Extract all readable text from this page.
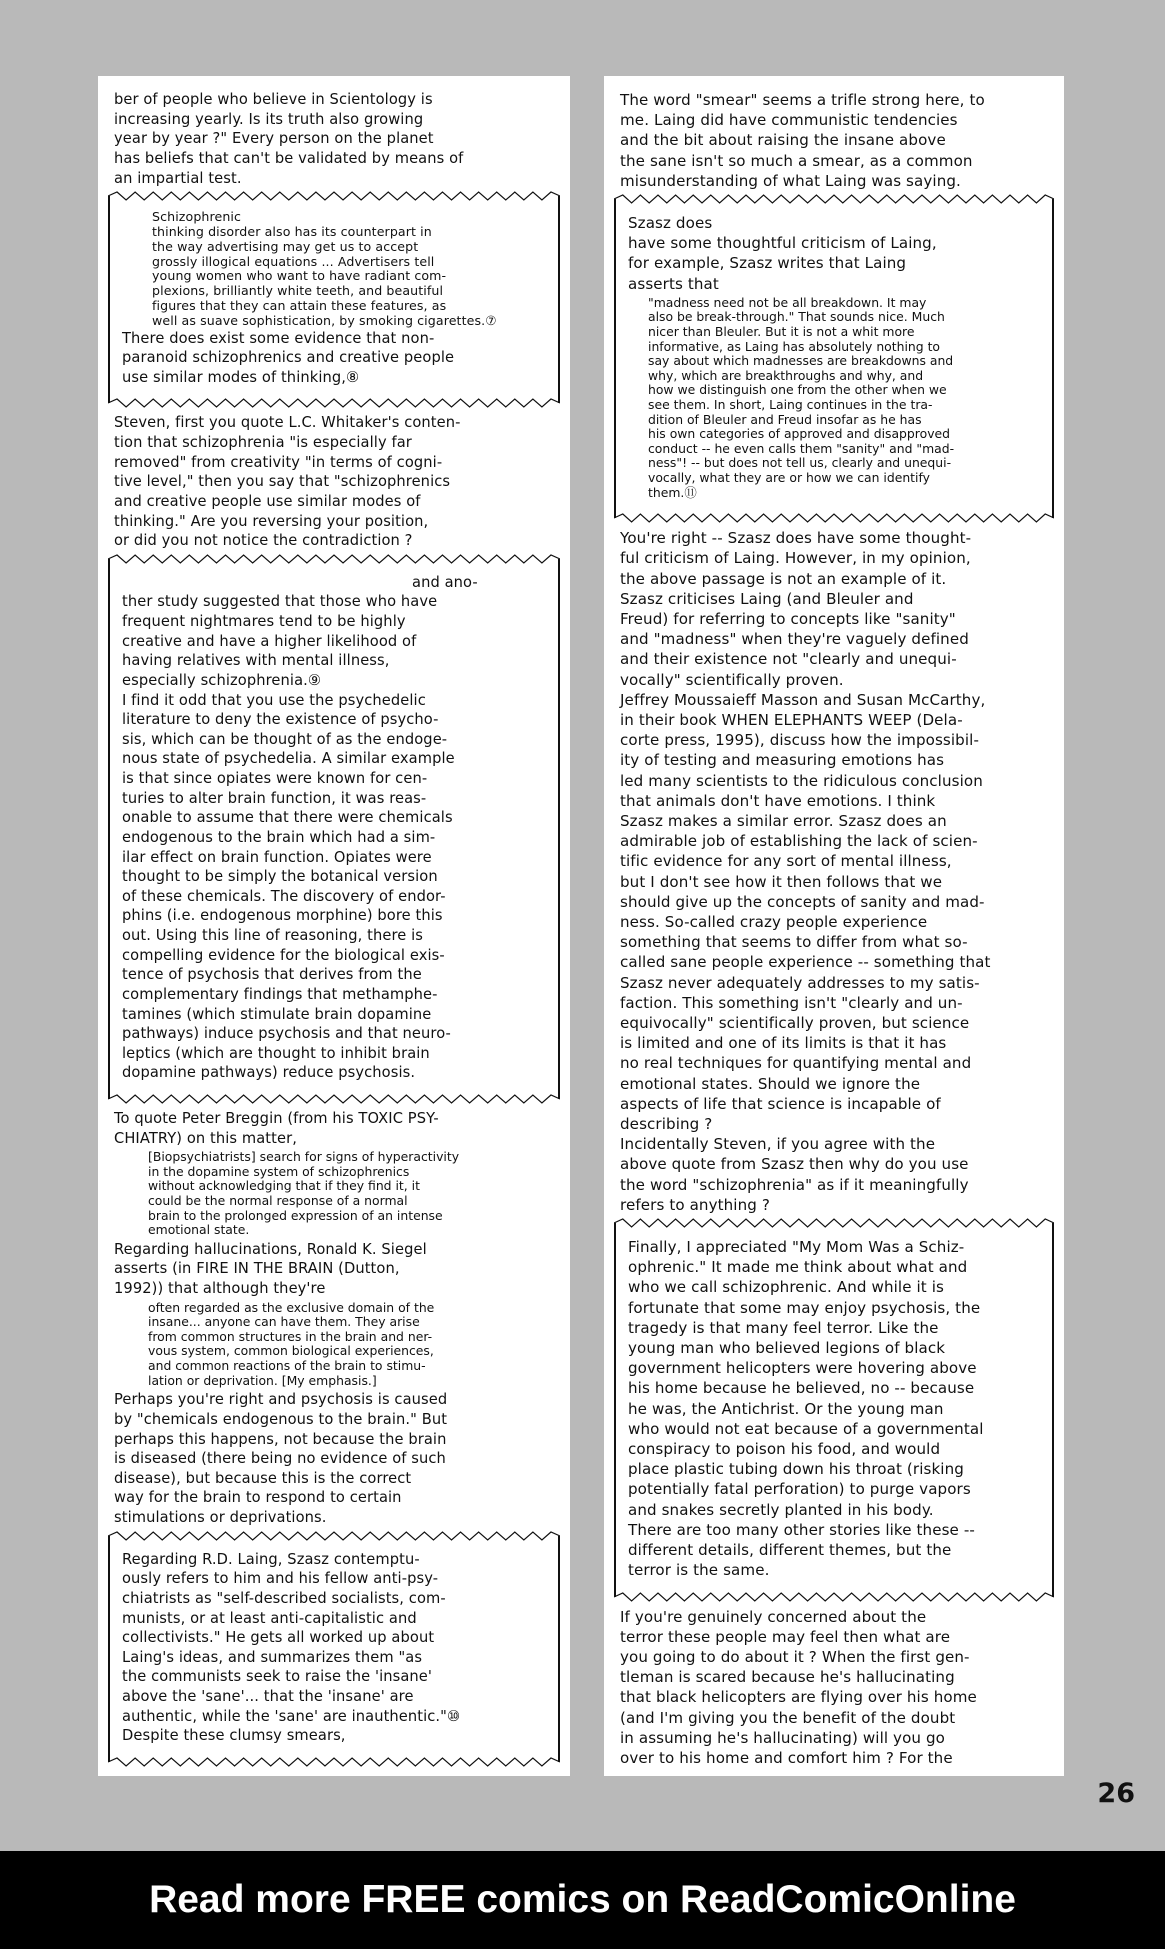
ber of people who believe in Scientology is
increasing yearly. Is its truth also growing
year by year ?" Every person on the planet
has beliefs that can't be validated by means of
an impartial test.

Schizophrenic
thinking disorder also has its counterpart in
the way advertising may get us to accept
grossly illogical equations ... Advertisers tell
young women who want to have radiant com-
plexions, brilliantly white teeth, and beautiful
figures that they can attain these features, as
well as suave sophistication, by smoking cigarettes.⑦

There does exist some evidence that non-
paranoid schizophrenics and creative people
use similar modes of thinking,⑧

Steven, first you quote L.C. Whitaker's conten-
tion that schizophrenia "is especially far
removed" from creativity "in terms of cogni-
tive level," then you say that "schizophrenics
and creative people use similar modes of
thinking." Are you reversing your position,
or did you not notice the contradiction ?

and ano-
ther study suggested that those who have
frequent nightmares tend to be highly
creative and have a higher likelihood of
having relatives with mental illness,
especially schizophrenia.⑨

I find it odd that you use the psychedelic
literature to deny the existence of psycho-
sis, which can be thought of as the endoge-
nous state of psychedelia. A similar example
is that since opiates were known for cen-
turies to alter brain function, it was reas-
onable to assume that there were chemicals
endogenous to the brain which had a sim-
ilar effect on brain function. Opiates were
thought to be simply the botanical version
of these chemicals. The discovery of endor-
phins (i.e. endogenous morphine) bore this
out. Using this line of reasoning, there is
compelling evidence for the biological exis-
tence of psychosis that derives from the
complementary findings that methamphe-
tamines (which stimulate brain dopamine
pathways) induce psychosis and that neuro-
leptics (which are thought to inhibit brain
dopamine pathways) reduce psychosis.

To quote Peter Breggin (from his TOXIC PSY-
CHIATRY) on this matter,

[Biopsychiatrists] search for signs of hyperactivity
in the dopamine system of schizophrenics
without acknowledging that if they find it, it
could be the normal response of a normal
brain to the prolonged expression of an intense
emotional state.

Regarding hallucinations, Ronald K. Siegel
asserts (in FIRE IN THE BRAIN (Dutton,
1992)) that although they're

often regarded as the exclusive domain of the
insane... anyone can have them. They arise
from common structures in the brain and ner-
vous system, common biological experiences,
and common reactions of the brain to stimu-
lation or deprivation. [My emphasis.]

Perhaps you're right and psychosis is caused
by "chemicals endogenous to the brain." But
perhaps this happens, not because the brain
is diseased (there being no evidence of such
disease), but because this is the correct
way for the brain to respond to certain
stimulations or deprivations.

Regarding R.D. Laing, Szasz contemptu-
ously refers to him and his fellow anti-psy-
chiatrists as "self-described socialists, com-
munists, or at least anti-capitalistic and
collectivists." He gets all worked up about
Laing's ideas, and summarizes them "as
the communists seek to raise the 'insane'
above the 'sane'... that the 'insane' are
authentic, while the 'sane' are inauthentic."⑩
Despite these clumsy smears,

The word "smear" seems a trifle strong here, to
me. Laing did have communistic tendencies
and the bit about raising the insane above
the sane isn't so much a smear, as a common
misunderstanding of what Laing was saying.

Szasz does
have some thoughtful criticism of Laing,
for example, Szasz writes that Laing
asserts that

"madness need not be all breakdown. It may
also be break-through." That sounds nice. Much
nicer than Bleuler. But it is not a whit more
informative, as Laing has absolutely nothing to
say about which madnesses are breakdowns and
why, which are breakthroughs and why, and
how we distinguish one from the other when we
see them. In short, Laing continues in the tra-
dition of Bleuler and Freud insofar as he has
his own categories of approved and disapproved
conduct -- he even calls them "sanity" and "mad-
ness"! -- but does not tell us, clearly and unequi-
vocally, what they are or how we can identify
them.⑪

You're right -- Szasz does have some thought-
ful criticism of Laing. However, in my opinion,
the above passage is not an example of it.
Szasz criticises Laing (and Bleuler and
Freud) for referring to concepts like "sanity"
and "madness" when they're vaguely defined
and their existence not "clearly and unequi-
vocally" scientifically proven.
Jeffrey Moussaieff Masson and Susan McCarthy,
in their book WHEN ELEPHANTS WEEP (Dela-
corte press, 1995), discuss how the impossibil-
ity of testing and measuring emotions has
led many scientists to the ridiculous conclusion
that animals don't have emotions. I think
Szasz makes a similar error. Szasz does an
admirable job of establishing the lack of scien-
tific evidence for any sort of mental illness,
but I don't see how it then follows that we
should give up the concepts of sanity and mad-
ness. So-called crazy people experience
something that seems to differ from what so-
called sane people experience -- something that
Szasz never adequately addresses to my satis-
faction. This something isn't "clearly and un-
equivocally" scientifically proven, but science
is limited and one of its limits is that it has
no real techniques for quantifying mental and
emotional states. Should we ignore the
aspects of life that science is incapable of
describing ?
Incidentally Steven, if you agree with the
above quote from Szasz then why do you use
the word "schizophrenia" as if it meaningfully
refers to anything ?

Finally, I appreciated "My Mom Was a Schiz-
ophrenic." It made me think about what and
who we call schizophrenic. And while it is
fortunate that some may enjoy psychosis, the
tragedy is that many feel terror. Like the
young man who believed legions of black
government helicopters were hovering above
his home because he believed, no -- because
he was, the Antichrist. Or the young man
who would not eat because of a governmental
conspiracy to poison his food, and would
place plastic tubing down his throat (risking
potentially fatal perforation) to purge vapors
and snakes secretly planted in his body.
There are too many other stories like these --
different details, different themes, but the
terror is the same.

If you're genuinely concerned about the
terror these people may feel then what are
you going to do about it ? When the first gen-
tleman is scared because he's hallucinating
that black helicopters are flying over his home
(and I'm giving you the benefit of the doubt
in assuming he's hallucinating) will you go
over to his home and comfort him ? For the

26
Read more FREE comics on ReadComicOnline
